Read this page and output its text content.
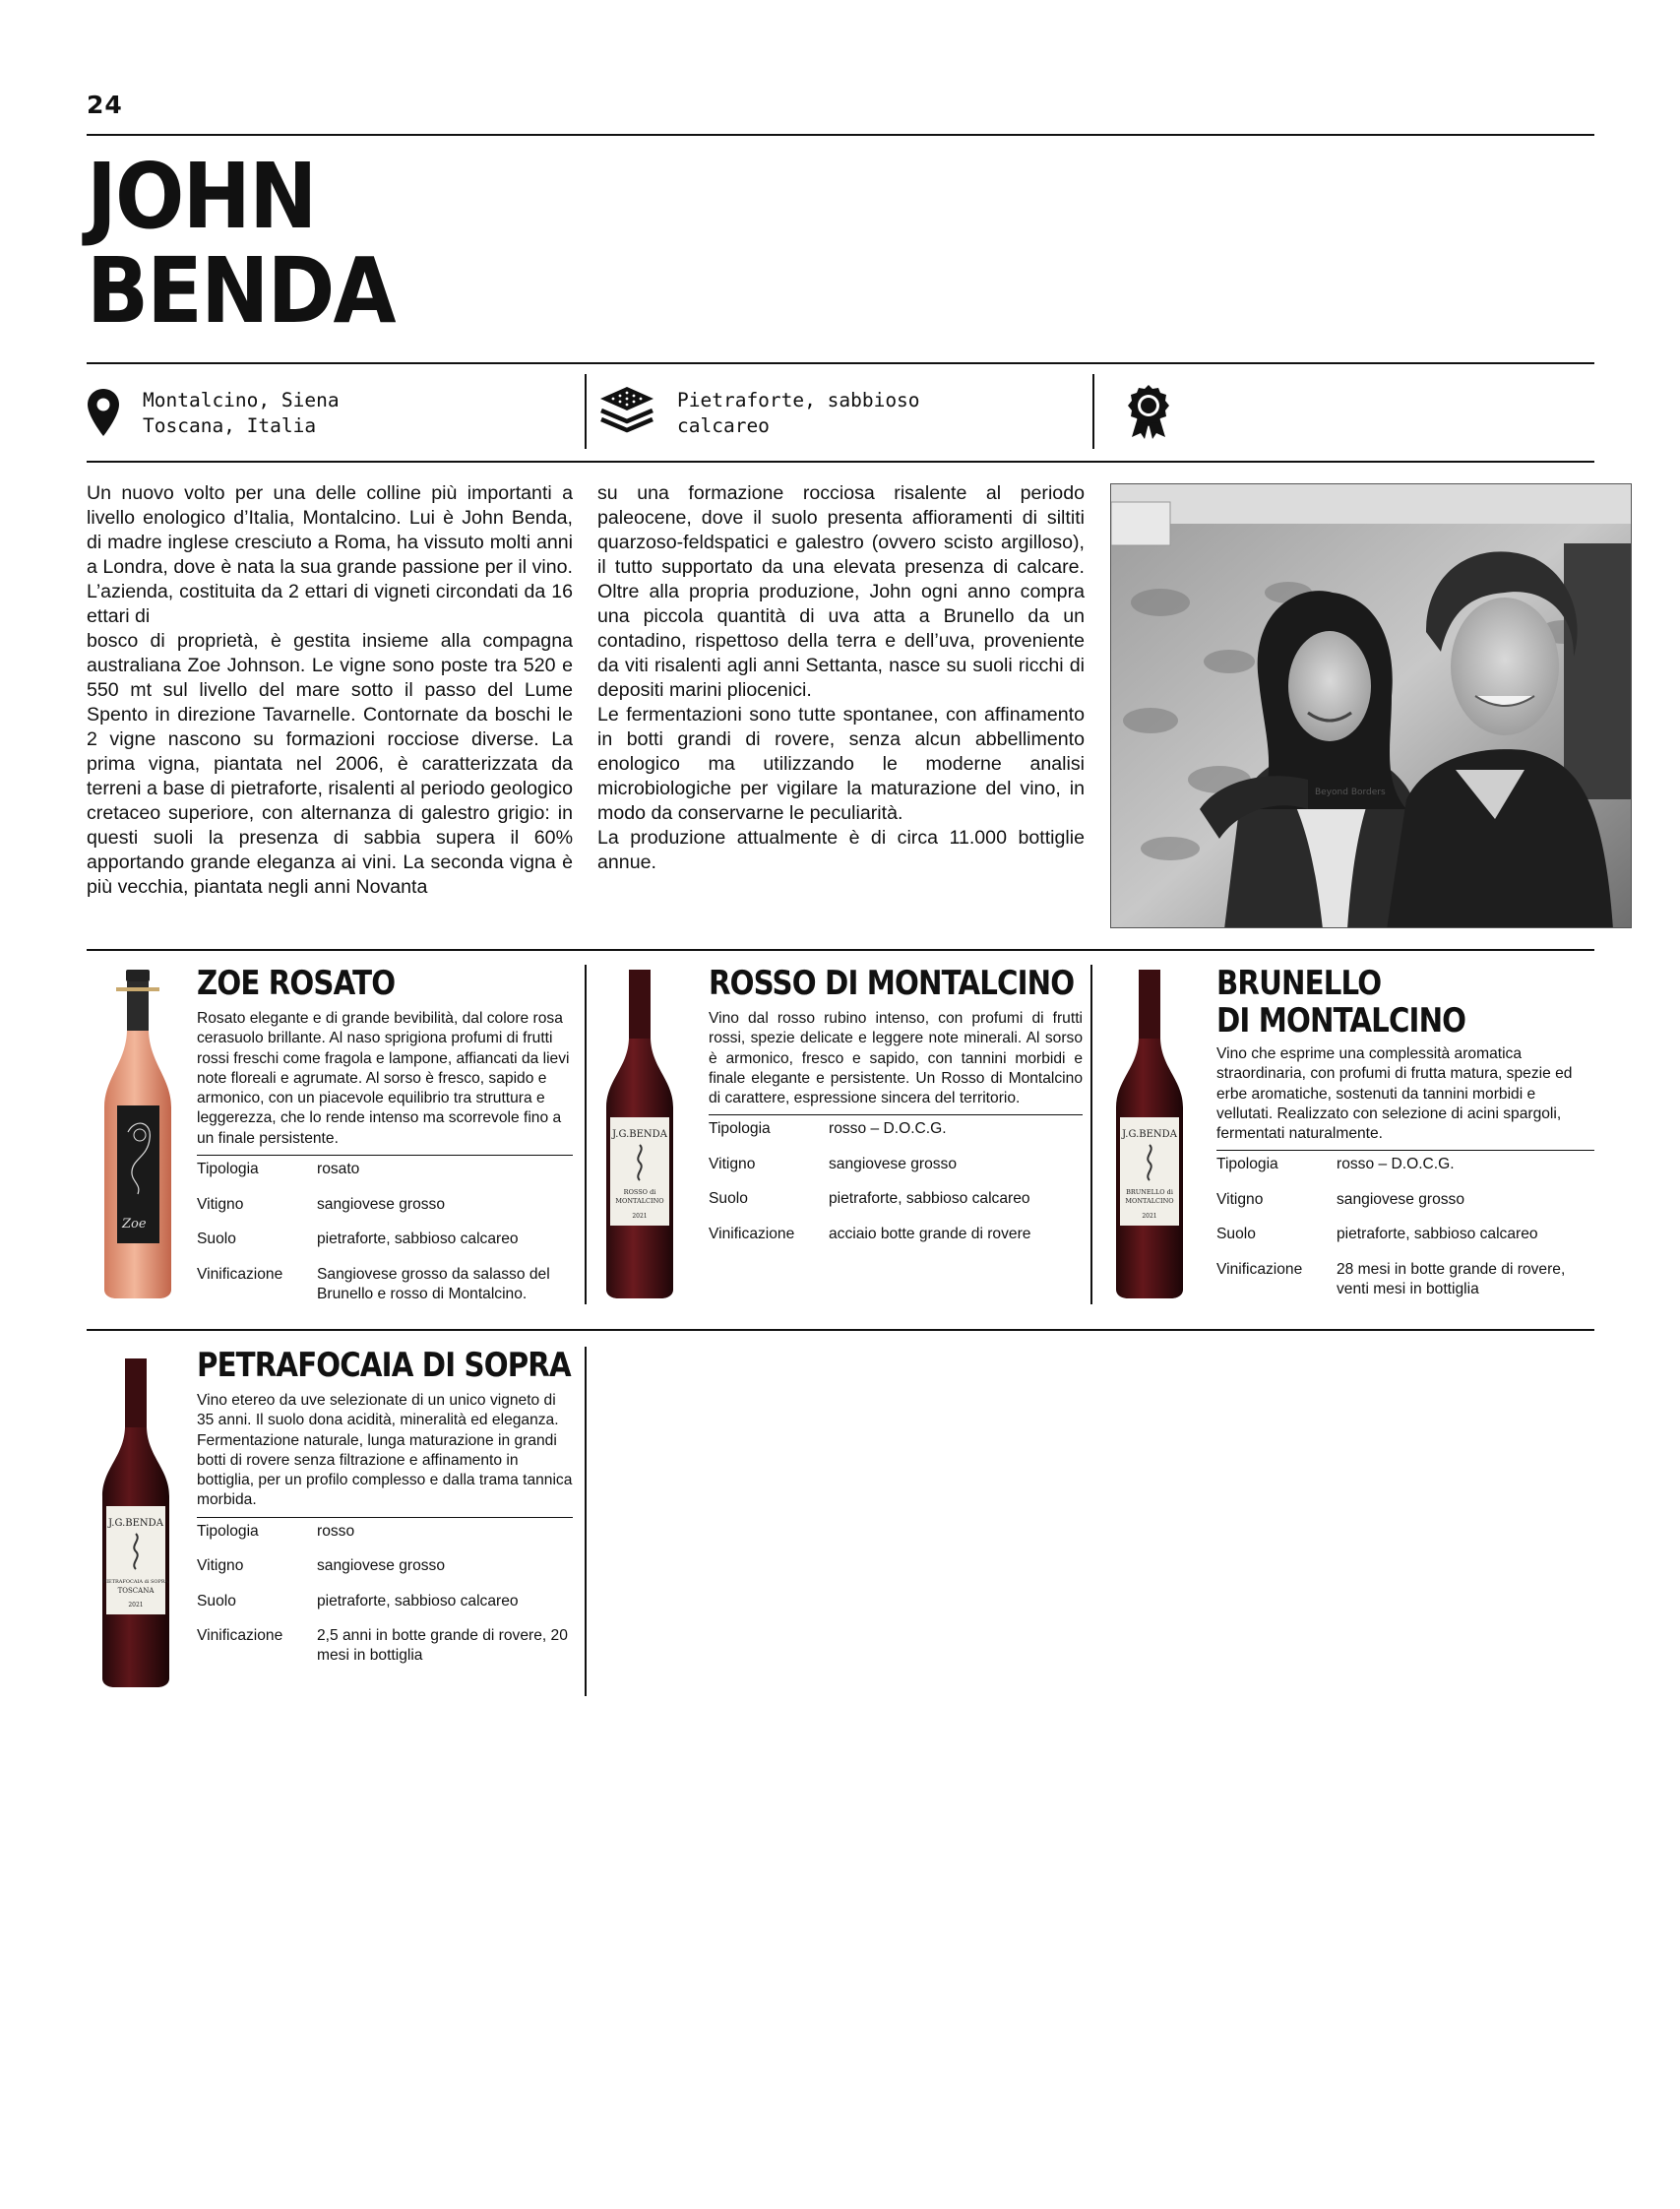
24
JOHN
BENDA
Montalcino, Siena
Toscana, Italia
Pietraforte, sabbioso
calcareo

Un nuovo volto per una delle colline più importanti a livello enologico d’Italia, Montalcino. Lui è John Benda, di madre inglese cresciuto a Roma, ha vissuto molti anni a Londra, dove è nata la sua grande passione per il vino. L’azienda, costituita da 2 ettari di vigneti circondati da 16 ettari di

bosco di proprietà, è gestita insieme alla compagna australiana Zoe Johnson. Le vigne sono poste tra 520 e 550 mt sul livello del mare sotto il passo del Lume Spento in direzione Tavarnelle. Contornate da boschi le 2 vigne nascono su formazioni rocciose diverse. La prima vigna, piantata nel 2006, è caratterizzata da terreni a base di pietraforte, risalenti al periodo geologico cretaceo superiore, con alternanza di galestro grigio: in questi suoli la presenza di sabbia supera il 60% apportando grande eleganza ai vini. La seconda vigna è più vecchia, piantata negli anni Novanta

su una formazione rocciosa risalente al periodo paleocene, dove il suolo presenta affioramenti di siltiti quarzoso-feldspatici e galestro (ovvero scisto argilloso), il tutto supportato da una elevata presenza di calcare. Oltre alla propria produzione, John ogni anno compra una piccola quantità di uva atta a Brunello da un contadino, rispettoso della terra e dell’uva, proveniente da viti risalenti agli anni Settanta, nasce su suoli ricchi di depositi marini pliocenici.

Le fermentazioni sono tutte spontanee, con affinamento in botti grandi di rovere, senza alcun abbellimento enologico ma utilizzando le moderne analisi microbiologiche per vigilare la maturazione del vino, in modo da conservarne le peculiarità.

La produzione attualmente è di circa 11.000 bottiglie annue.

Beyond Borders
Zoe
ZOE ROSATO

Rosato elegante e di grande bevibilità, dal colore rosa cerasuolo brillante. Al naso sprigiona profumi di frutti rossi freschi come fragola e lampone, affiancati da lievi note floreali e agrumate. Al sorso è fresco, sapido e armonico, con un piacevole equilibrio tra struttura e leggerezza, che lo rende intenso ma scorrevole fino a un finale persistente.

Tipologia	rosato
Vitigno	sangiovese grosso
Suolo	pietraforte, sabbioso calcareo
Vinificazione	Sangiovese grosso da salasso del Brunello e rosso di Montalcino.
J.G.BENDA
ROSSO di
MONTALCINO
2021
ROSSO DI MONTALCINO

Vino dal rosso rubino intenso, con profumi di frutti rossi, spezie delicate e leggere note minerali. Al sorso è armonico, fresco e sapido, con tannini morbidi e finale elegante e persistente. Un Rosso di Montalcino di carattere, espressione sincera del territorio.

Tipologia	rosso – D.O.C.G.
Vitigno	sangiovese grosso
Suolo	pietraforte, sabbioso calcareo
Vinificazione	acciaio botte grande di rovere
J.G.BENDA
BRUNELLO di
MONTALCINO
2021
BRUNELLO
DI MONTALCINO

Vino che esprime una complessità aromatica straordinaria, con profumi di frutta matura, spezie ed erbe aromatiche, sostenuti da tannini morbidi e vellutati. Realizzato con selezione di acini spargoli, fermentati naturalmente.

Tipologia	rosso – D.O.C.G.
Vitigno	sangiovese grosso
Suolo	pietraforte, sabbioso calcareo
Vinificazione	28 mesi in botte grande di rovere, venti mesi in bottiglia
J.G.BENDA
PIETRAFOCAIA di SOPRA
TOSCANA
2021
PETRAFOCAIA DI SOPRA

Vino etereo da uve selezionate di un unico vigneto di 35 anni. Il suolo dona acidità, mineralità ed eleganza. Fermentazione naturale, lunga maturazione in grandi botti di rovere senza filtrazione e affinamento in bottiglia, per un profilo complesso e dalla trama tannica morbida.

Tipologia	rosso
Vitigno	sangiovese grosso
Suolo	pietraforte, sabbioso calcareo
Vinificazione	2,5 anni in botte grande di rovere, 20 mesi in bottiglia
